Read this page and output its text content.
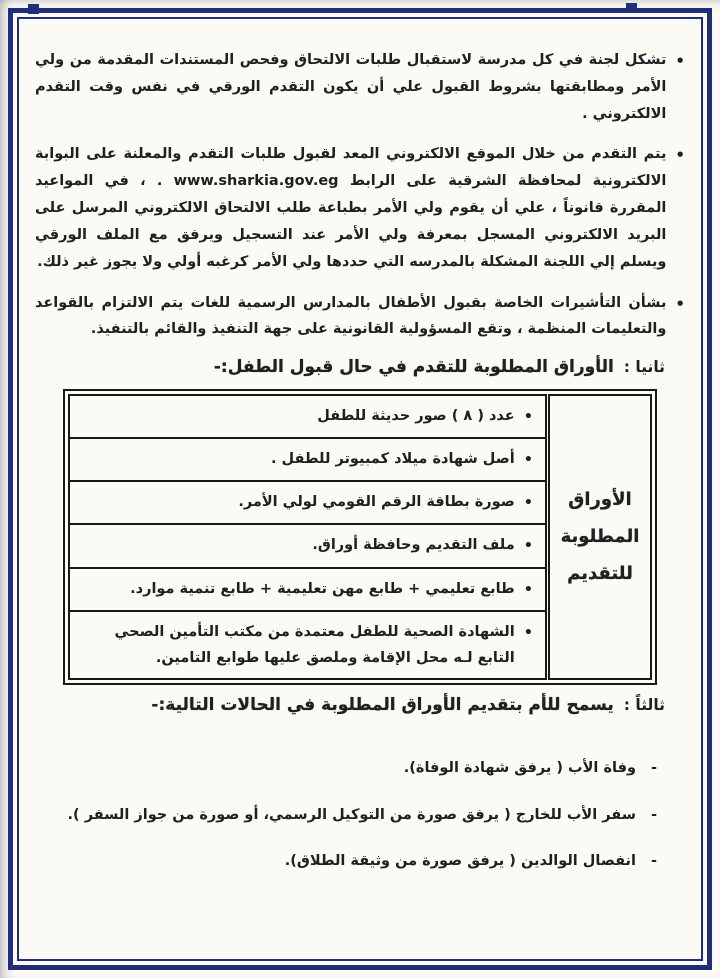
•
تشكل لجنة في كل مدرسة لاستقبال طلبات الالتحاق وفحص المستندات المقدمة من ولي الأمر ومطابقتها بشروط القبول علي أن يكون التقدم الورقي في نفس وقت التقدم الالكتروني .
•
يتم التقدم من خلال الموقع الالكتروني المعد لقبول طلبات التقدم والمعلنة على البوابة الالكترونية لمحافظة الشرقية على الرابط www.sharkia.gov.eg . ، في المواعيد المقررة قانوناً ، علي أن يقوم ولي الأمر بطباعة طلب الالتحاق الالكتروني المرسل على البريد الالكتروني المسجل بمعرفة ولي الأمر عند التسجيل ويرفق مع الملف الورقي ويسلم إلي اللجنة المشكلة بالمدرسه التي حددها ولي الأمر كرغبه أولي ولا يجوز غير ذلك.
•
بشأن التأشيرات الخاصة بقبول الأطفال بالمدارس الرسمية للغات يتم الالتزام بالقواعد والتعليمات المنظمة ، وتقع المسؤولية القانونية على جهة التنفيذ والقائم بالتنفيذ.
ثانيا :
الأوراق المطلوبة للتقدم في حال قبول الطفل:-
الأوراق
المطلوبة
للتقديم

•
عدد ( ٨ ) صور حديثة للطفل

•
أصل شهادة ميلاد كمبيوتر للطفل .

•
صورة بطاقة الرقم القومي لولي الأمر.

•
ملف التقديم وحافظة أوراق.

•
طابع تعليمي + طابع مهن تعليمية + طابع تنمية موارد.

•
الشهادة الصحية للطفل معتمدة من مكتب التأمين الصحي التابع لـه محل الإقامة وملصق عليها طوابع التامين.
ثالثاً :
يسمح للأم بتقديم الأوراق المطلوبة في الحالات التالية:-
-
وفاة الأب ( يرفق شهادة الوفاة).
-
سفر الأب للخارج ( يرفق صورة من التوكيل الرسمي، أو صورة من جواز السفر ).
-
انفصال الوالدين ( يرفق صورة من وثيقة الطلاق).
